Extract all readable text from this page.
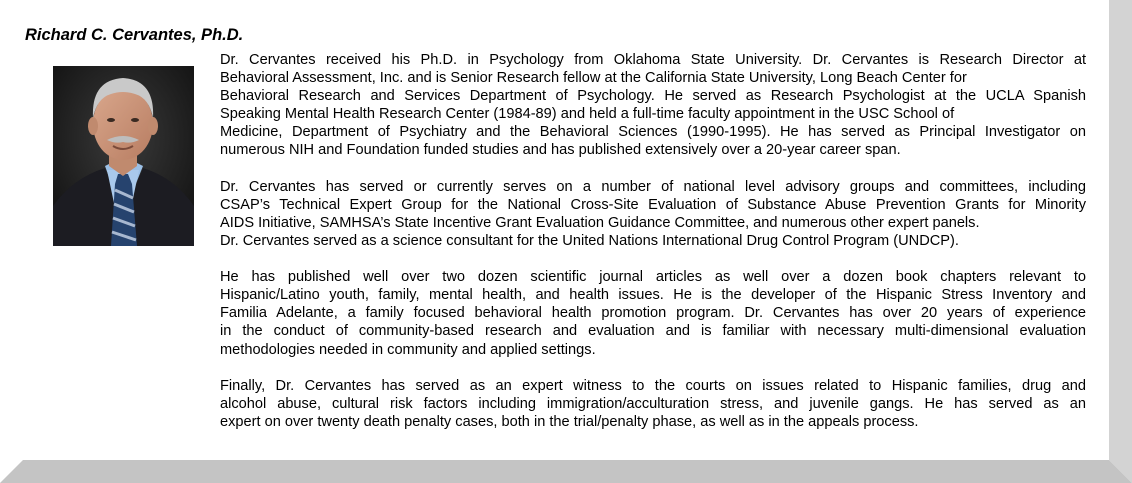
Richard C. Cervantes, Ph.D.

Dr. Cervantes received his Ph.D. in Psychology from Oklahoma State University. Dr. Cervantes is Research Director at
Behavioral Assessment, Inc. and is Senior Research fellow at the California State University, Long Beach Center for
Behavioral Research and Services Department of Psychology. He served as Research Psychologist at the UCLA Spanish
Speaking Mental Health Research Center (1984-89) and held a full-time faculty appointment in the USC School of
Medicine, Department of Psychiatry and the Behavioral Sciences (1990-1995). He has served as Principal Investigator on
numerous NIH and Foundation funded studies and has published extensively over a 20-year career span.

Dr. Cervantes has served or currently serves on a number of national level advisory groups and committees, including
CSAP’s Technical Expert Group for the National Cross-Site Evaluation of Substance Abuse Prevention Grants for Minority
AIDS Initiative, SAMHSA’s State Incentive Grant Evaluation Guidance Committee, and numerous other expert panels.
Dr. Cervantes served as a science consultant for the United Nations International Drug Control Program (UNDCP).

He has published well over two dozen scientific journal articles as well over a dozen book chapters relevant to
Hispanic/Latino youth, family, mental health, and health issues. He is the developer of the Hispanic Stress Inventory and
Familia Adelante, a family focused behavioral health promotion program. Dr. Cervantes has over 20 years of experience
in the conduct of community-based research and evaluation and is familiar with necessary multi-dimensional evaluation
methodologies needed in community and applied settings.

Finally, Dr. Cervantes has served as an expert witness to the courts on issues related to Hispanic families, drug and
alcohol abuse, cultural risk factors including immigration/acculturation stress, and juvenile gangs. He has served as an
expert on over twenty death penalty cases, both in the trial/penalty phase, as well as in the appeals process.
